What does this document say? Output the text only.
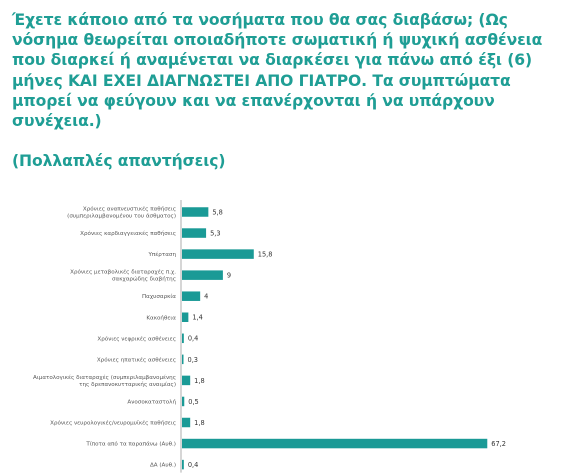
Έχετε κάποιο από τα νοσήματα που θα σας διαβάσω; (Ως νόσημα θεωρείται οποιαδήποτε σωματική ή ψυχική ασθένεια που διαρκεί ή αναμένεται να διαρκέσει για πάνω από έξι (6) μήνες ΚΑΙ ΕΧΕΙ ΔΙΑΓΝΩΣΤΕΙ ΑΠΟ ΓΙΑΤΡΟ. Τα συμπτώματα μπορεί να φεύγουν και να επανέρχονται ή να υπάρχουν συνέχεια.)
(Πολλαπλές απαντήσεις)
5,8
Χρόνιες αναπνευστικές παθήσεις (συμπεριλαμβανομένου του άσθματος)
5,3
Χρόνιες καρδιαγγειακές παθήσεις
15,8
Υπέρταση
9
Χρόνιες μεταβολικές διαταραχές π.χ. σακχαρώδης διαβήτης
4
Παχυσαρκία
1,4
Κακοήθεια
0,4
Χρόνιες νεφρικές ασθένειες
0,3
Χρόνιες ηπατικές ασθένειες
1,8
Αιματολογικές διαταραχές (συμπεριλαμβανομένης της δρεπανοκυτταρικής αναιμίας)
0,5
Ανοσοκαταστολή
1,8
Χρόνιες νευρολογικές/νευρομυϊκές παθήσεις
67,2
Τίποτα από τα παραπάνω (Αυθ.)
0,4
ΔΑ (Αυθ.)
